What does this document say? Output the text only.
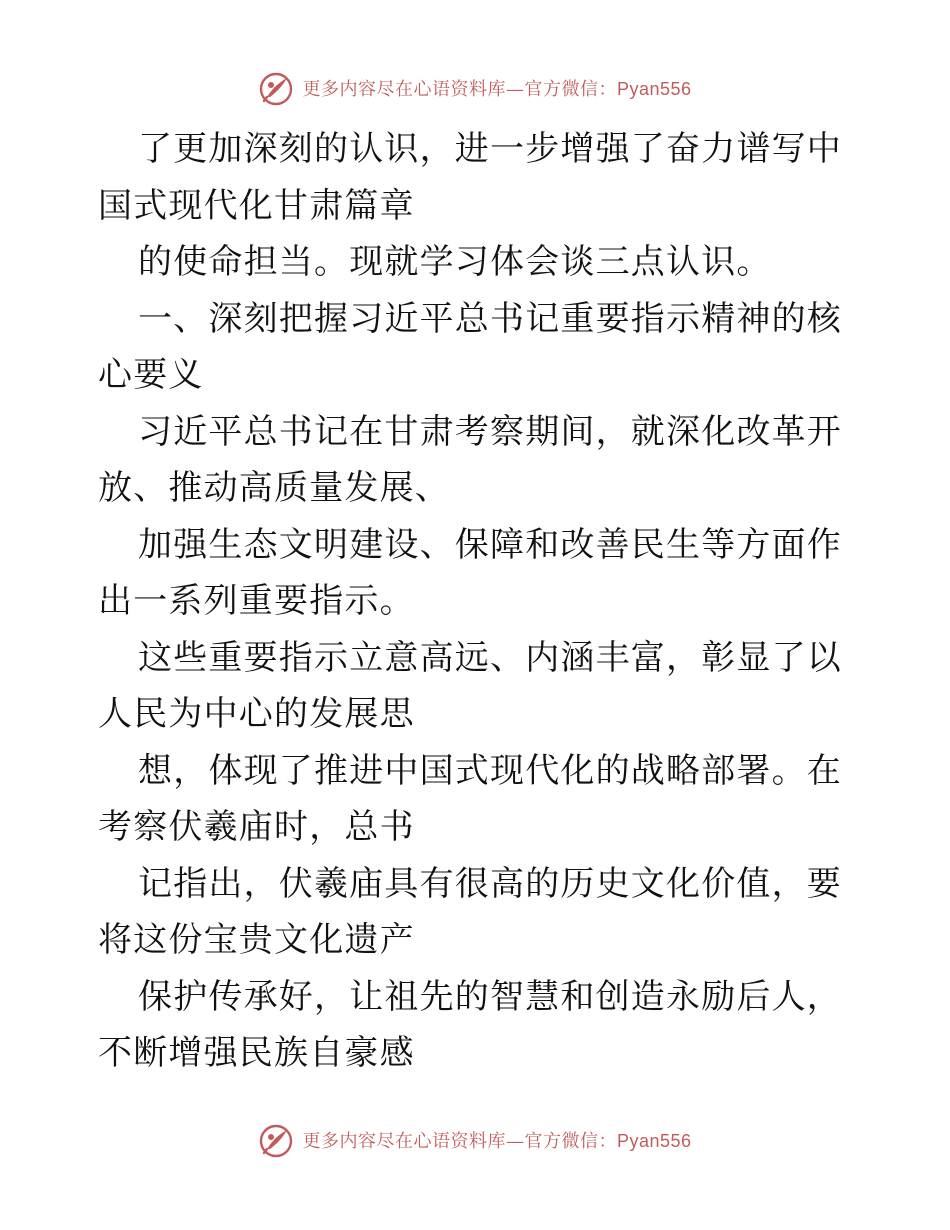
更多内容尽在心语资料库—官方微信：Pyan556

了更加深刻的认识，进一步增强了奋力谱写中国式现代化甘肃篇章

的使命担当。现就学习体会谈三点认识。

一、深刻把握习近平总书记重要指示精神的核心要义

习近平总书记在甘肃考察期间，就深化改革开放、推动高质量发展、

加强生态文明建设、保障和改善民生等方面作出一系列重要指示。

这些重要指示立意高远、内涵丰富，彰显了以人民为中心的发展思

想，体现了推进中国式现代化的战略部署。在考察伏羲庙时，总书

记指出，伏羲庙具有很高的历史文化价值，要将这份宝贵文化遗产

保护传承好，让祖先的智慧和创造永励后人，不断增强民族自豪感

更多内容尽在心语资料库—官方微信：Pyan556
